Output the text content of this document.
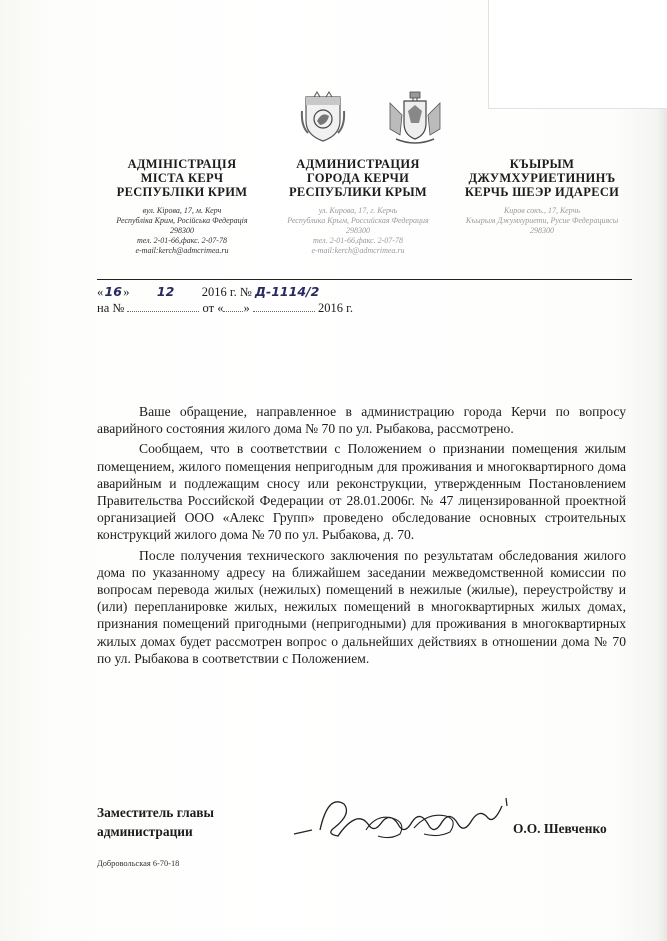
АДМІНІСТРАЦІЯ
МІСТА КЕРЧ
РЕСПУБЛІКИ КРИМ
вул. Кірова, 17, м. Керч
Республіка Крим, Російська Федерація
298300
тел. 2-01-66,факс. 2-07-78
e-mail:kerch@admcrimea.ru
АДМИНИСТРАЦИЯ
ГОРОДА КЕРЧИ
РЕСПУБЛИКИ КРЫМ
ул. Кирова, 17, г. Керчь
Республика Крым, Российская Федерация
298300
тел. 2-01-66,факс. 2-07-78
e-mail:kerch@admcrimea.ru
КЪЫРЫМ
ДЖУМХУРИЕТИНИНЪ
КЕРЧЬ ШЕЭР ИДАРЕСИ
Киров сокъ., 17, Керчь
Къырым Джумхуриети, Русие Федерациясы
298300
«16» 12 2016 г. № Д-1114/2
на №	от « »	2016 г.

Ваше обращение, направленное в администрацию города Керчи по вопросу аварийного состояния жилого дома № 70 по ул. Рыбакова, рассмотрено.

Сообщаем, что в соответствии с Положением о признании помещения жилым помещением, жилого помещения непригодным для проживания и многоквартирного дома аварийным и подлежащим сносу или реконструкции, утвержденным Постановлением Правительства Российской Федерации от 28.01.2006г. № 47 лицензированной проектной организацией ООО «Алекс Групп» проведено обследование основных строительных конструкций жилого дома № 70 по ул. Рыбакова, д. 70.

После получения технического заключения по результатам обследования жилого дома по указанному адресу на ближайшем заседании межведомственной комиссии по вопросам перевода жилых (нежилых) помещений в нежилые (жилые), переустройству и (или) перепланировке жилых, нежилых помещений в многоквартирных жилых домах, признания помещений пригодными (непригодными) для проживания в многоквартирных жилых домах будет рассмотрен вопрос о дальнейших действиях в отношении дома № 70 по ул. Рыбакова в соответствии с Положением.

Заместитель главы
администрации	О.О. Шевченко
Добровольская 6-70-18
